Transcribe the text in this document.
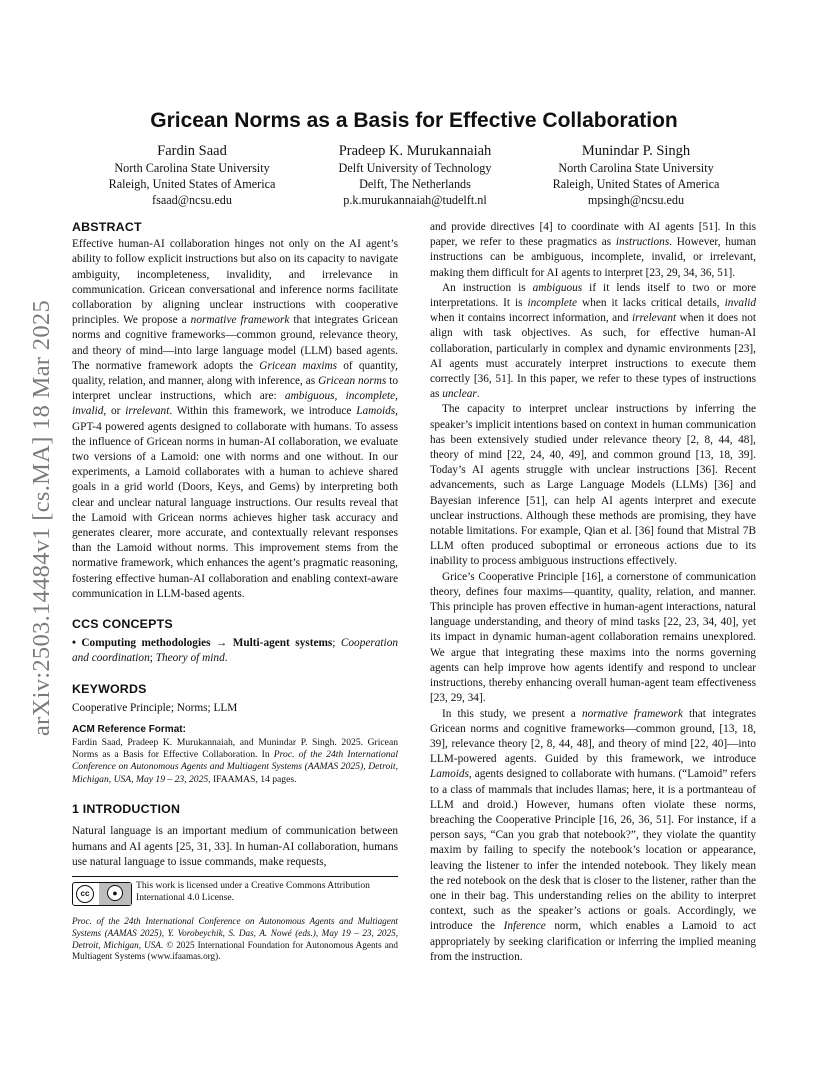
arXiv:2503.14484v1 [cs.MA] 18 Mar 2025
Gricean Norms as a Basis for Effective Collaboration
Fardin Saad
North Carolina State University
Raleigh, United States of America
fsaad@ncsu.edu
Pradeep K. Murukannaiah
Delft University of Technology
Delft, The Netherlands
p.k.murukannaiah@tudelft.nl
Munindar P. Singh
North Carolina State University
Raleigh, United States of America
mpsingh@ncsu.edu
ABSTRACT

Effective human-AI collaboration hinges not only on the AI agent’s ability to follow explicit instructions but also on its capacity to navigate ambiguity, incompleteness, invalidity, and irrelevance in communication. Gricean conversational and inference norms facilitate collaboration by aligning unclear instructions with cooperative principles. We propose a normative framework that integrates Gricean norms and cognitive frameworks—common ground, relevance theory, and theory of mind—into large language model (LLM) based agents. The normative framework adopts the Gricean maxims of quantity, quality, relation, and manner, along with inference, as Gricean norms to interpret unclear instructions, which are: ambiguous, incomplete, invalid, or irrelevant. Within this framework, we introduce Lamoids, GPT-4 powered agents designed to collaborate with humans. To assess the influence of Gricean norms in human-AI collaboration, we evaluate two versions of a Lamoid: one with norms and one without. In our experiments, a Lamoid collaborates with a human to achieve shared goals in a grid world (Doors, Keys, and Gems) by interpreting both clear and unclear natural language instructions. Our results reveal that the Lamoid with Gricean norms achieves higher task accuracy and generates clearer, more accurate, and contextually relevant responses than the Lamoid without norms. This improvement stems from the normative framework, which enhances the agent’s pragmatic reasoning, fostering effective human-AI collaboration and enabling context-aware communication in LLM-based agents.

CCS CONCEPTS

• Computing methodologies → Multi-agent systems; Cooperation and coordination; Theory of mind.

KEYWORDS

Cooperative Principle; Norms; LLM

ACM Reference Format:

Fardin Saad, Pradeep K. Murukannaiah, and Munindar P. Singh. 2025. Gricean Norms as a Basis for Effective Collaboration. In Proc. of the 24th International Conference on Autonomous Agents and Multiagent Systems (AAMAS 2025), Detroit, Michigan, USA, May 19 – 23, 2025, IFAAMAS, 14 pages.

1 INTRODUCTION

Natural language is an important medium of communication between humans and AI agents [25, 31, 33]. In human-AI collaboration, humans use natural language to issue commands, make requests,

cc	●
This work is licensed under a Creative Commons Attribution International 4.0 License.
Proc. of the 24th International Conference on Autonomous Agents and Multiagent Systems (AAMAS 2025), Y. Vorobeychik, S. Das, A. Nowé (eds.), May 19 – 23, 2025, Detroit, Michigan, USA. © 2025 International Foundation for Autonomous Agents and Multiagent Systems (www.ifaamas.org).

and provide directives [4] to coordinate with AI agents [51]. In this paper, we refer to these pragmatics as instructions. However, human instructions can be ambiguous, incomplete, invalid, or irrelevant, making them difficult for AI agents to interpret [23, 29, 34, 36, 51].

An instruction is ambiguous if it lends itself to two or more interpretations. It is incomplete when it lacks critical details, invalid when it contains incorrect information, and irrelevant when it does not align with task objectives. As such, for effective human-AI collaboration, particularly in complex and dynamic environments [23], AI agents must accurately interpret instructions to execute them correctly [36, 51]. In this paper, we refer to these types of instructions as unclear.

The capacity to interpret unclear instructions by inferring the speaker’s implicit intentions based on context in human communication has been extensively studied under relevance theory [2, 8, 44, 48], theory of mind [22, 24, 40, 49], and common ground [13, 18, 39]. Today’s AI agents struggle with unclear instructions [36]. Recent advancements, such as Large Language Models (LLMs) [36] and Bayesian inference [51], can help AI agents interpret and execute unclear instructions. Although these methods are promising, they have notable limitations. For example, Qian et al. [36] found that Mistral 7B LLM often produced suboptimal or erroneous actions due to its inability to process ambiguous instructions effectively.

Grice’s Cooperative Principle [16], a cornerstone of communication theory, defines four maxims—quantity, quality, relation, and manner. This principle has proven effective in human-agent interactions, natural language understanding, and theory of mind tasks [22, 23, 34, 40], yet its impact in dynamic human-agent collaboration remains unexplored. We argue that integrating these maxims into the norms governing agents can help improve how agents identify and respond to unclear instructions, thereby enhancing overall human-agent team effectiveness [23, 29, 34].

In this study, we present a normative framework that integrates Gricean norms and cognitive frameworks—common ground, [13, 18, 39], relevance theory [2, 8, 44, 48], and theory of mind [22, 40]—into LLM-powered agents. Guided by this framework, we introduce Lamoids, agents designed to collaborate with humans. (“Lamoid” refers to a class of mammals that includes llamas; here, it is a portmanteau of LLM and droid.) However, humans often violate these norms, breaching the Cooperative Principle [16, 26, 36, 51]. For instance, if a person says, “Can you grab that notebook?”, they violate the quantity maxim by failing to specify the notebook’s location or appearance, leaving the listener to infer the intended notebook. They likely mean the red notebook on the desk that is closer to the listener, rather than the one in their bag. This understanding relies on the ability to interpret context, such as the speaker’s actions or goals. Accordingly, we introduce the Inference norm, which enables a Lamoid to act appropriately by seeking clarification or inferring the implied meaning from the instruction.
